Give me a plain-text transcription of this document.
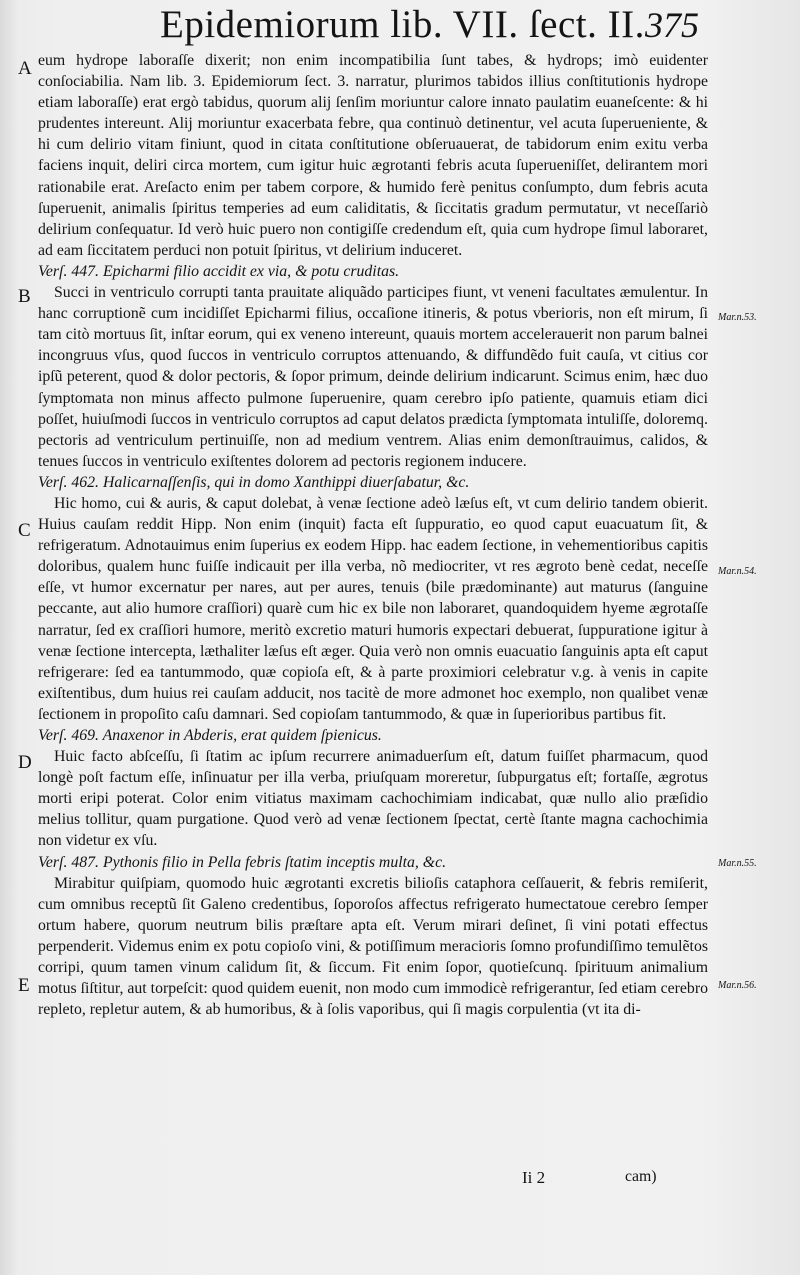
Epidemiorum lib. VII. ſect. II. 375
A
B
C
D
E
Mar.n.53.
Mar.n.54.
Mar.n.55.
Mar.n.56.

eum hydrope laboraſſe dixerit; non enim incompatibilia ſunt tabes, & hydrops; imò euidenter conſociabilia. Nam lib. 3. Epidemiorum ſect. 3. narratur, plurimos tabidos illius conſtitutionis hydrope etiam laboraſſe) erat ergò tabidus, quorum alij ſenſim moriuntur calore innato paulatim euaneſcente: & hi prudentes intereunt. Alij moriuntur exacerbata febre, qua continuò detinentur, vel acuta ſuperueniente, & hi cum delirio vitam finiunt, quod in citata conſtitutione obſeruauerat, de tabidorum enim exitu verba faciens inquit, deliri circa mortem, cum igitur huic ægrotanti febris acuta ſuperueniſſet, delirantem mori rationabile erat. Areſacto enim per tabem corpore, & humido ferè penitus conſumpto, dum febris acuta ſuperuenit, animalis ſpiritus temperies ad eum caliditatis, & ſiccitatis gradum permutatur, vt neceſſariò delirium conſequatur. Id verò huic puero non contigiſſe credendum eſt, quia cum hydrope ſimul laboraret, ad eam ſiccitatem perduci non potuit ſpiritus, vt delirium induceret.

Verſ. 447. Epicharmi filio accidit ex via, & potu cruditas.

Succi in ventriculo corrupti tanta prauitate aliquãdo participes fiunt, vt veneni facultates æmulentur. In hanc corruptionẽ cum incidiſſet Epicharmi filius, occaſione itineris, & potus vberioris, non eſt mirum, ſi tam citò mortuus ſit, inſtar eorum, qui ex veneno intereunt, quauis mortem accelerauerit non parum balnei incongruus vſus, quod ſuccos in ventriculo corruptos attenuando, & diffundẽdo fuit cauſa, vt citius cor ipſũ peterent, quod & dolor pectoris, & ſopor primum, deinde delirium indicarunt. Scimus enim, hæc duo ſymptomata non minus affecto pulmone ſuperuenire, quam cerebro ipſo patiente, quamuis etiam dici poſſet, huiuſmodi ſuccos in ventriculo corruptos ad caput delatos prædicta ſymptomata intuliſſe, doloremq. pectoris ad ventriculum pertinuiſſe, non ad medium ventrem. Alias enim demonſtrauimus, calidos, & tenues ſuccos in ventriculo exiſtentes dolorem ad pectoris regionem inducere.

Verſ. 462. Halicarnaſſenſis, qui in domo Xanthippi diuerſabatur, &c.

Hic homo, cui & auris, & caput dolebat, à venæ ſectione adeò læſus eſt, vt cum delirio tandem obierit. Huius cauſam reddit Hipp. Non enim (inquit) facta eſt ſuppuratio, eo quod caput euacuatum ſit, & refrigeratum. Adnotauimus enim ſuperius ex eodem Hipp. hac eadem ſectione, in vehementioribus capitis doloribus, qualem hunc fuiſſe indicauit per illa verba, nõ mediocriter, vt res ægroto benè cedat, neceſſe eſſe, vt humor excernatur per nares, aut per aures, tenuis (bile prædominante) aut maturus (ſanguine peccante, aut alio humore craſſiori) quarè cum hic ex bile non laboraret, quandoquidem hyeme ægrotaſſe narratur, ſed ex craſſiori humore, meritò excretio maturi humoris expectari debuerat, ſuppuratione igitur à venæ ſectione intercepta, læthaliter læſus eſt æger. Quia verò non omnis euacuatio ſanguinis apta eſt caput refrigerare: ſed ea tantummodo, quæ copioſa eſt, & à parte proximiori celebratur v.g. à venis in capite exiſtentibus, dum huius rei cauſam adducit, nos tacitè de more admonet hoc exemplo, non qualibet venæ ſectionem in propoſito caſu damnari. Sed copioſam tantummodo, & quæ in ſuperioribus partibus fit.

Verſ. 469. Anaxenor in Abderis, erat quidem ſpienicus.

Huic facto abſceſſu, ſi ſtatim ac ipſum recurrere animaduerſum eſt, datum fuiſſet pharmacum, quod longè poſt factum eſſe, inſinuatur per illa verba, priuſquam moreretur, ſubpurgatus eſt; fortaſſe, ægrotus morti eripi poterat. Color enim vitiatus maximam cachochimiam indicabat, quæ nullo alio præſidio melius tollitur, quam purgatione. Quod verò ad venæ ſectionem ſpectat, certè ſtante magna cachochimia non videtur ex vſu.

Verſ. 487. Pythonis filio in Pella febris ſtatim inceptis multa, &c.

Mirabitur quiſpiam, quomodo huic ægrotanti excretis bilioſis cataphora ceſſauerit, & febris remiſerit, cum omnibus receptũ ſit Galeno credentibus, ſoporoſos affectus refrigerato humectatoue cerebro ſemper ortum habere, quorum neutrum bilis præſtare apta eſt. Verum mirari deſinet, ſi vini potati effectus perpenderit. Videmus enim ex potu copioſo vini, & potiſſimum meracioris ſomno profundiſſimo temulẽtos corripi, quum tamen vinum calidum ſit, & ſiccum. Fit enim ſopor, quotieſcunq. ſpirituum animalium motus ſiſtitur, aut torpeſcit: quod quidem euenit, non modo cum immodicè refrigerantur, ſed etiam cerebro repleto, repletur autem, & ab humoribus, & à ſolis vaporibus, qui ſi magis corpulentia (vt ita di-

Ii 2	cam)
